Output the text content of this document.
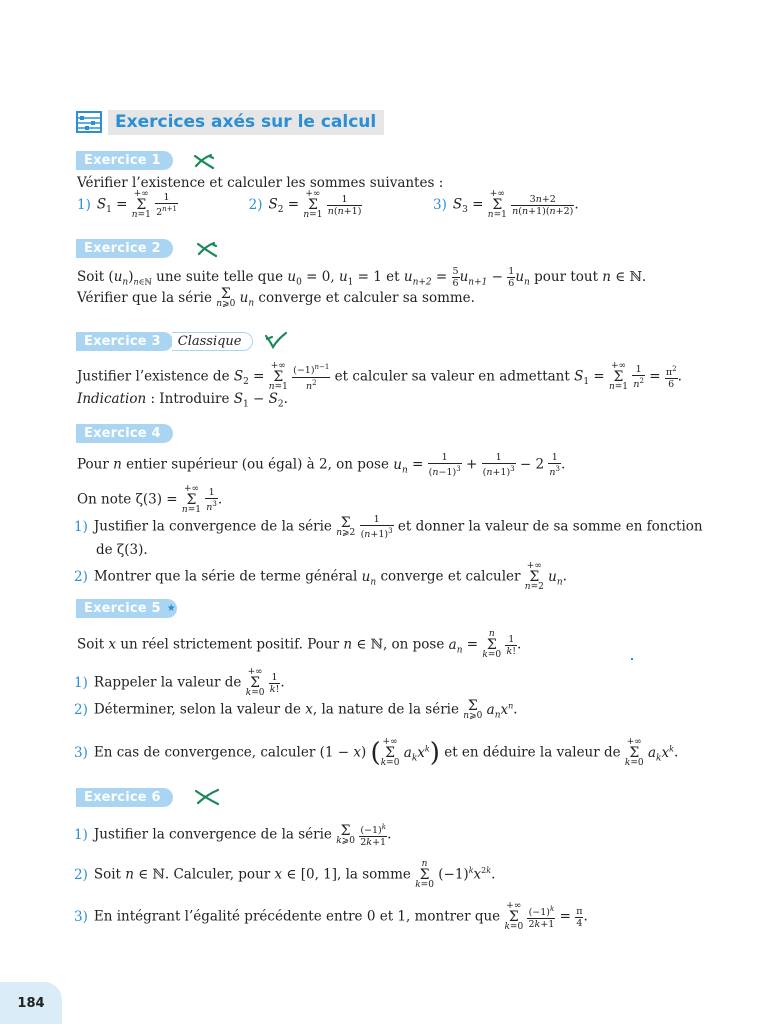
Exercices axés sur le calcul
Exercice 1
Vérifier l’existence et calculer les sommes suivantes :
1) $S_1$ = +∞
Σ
$n=1 \frac{1}{2^{n+1}}$	2) $S_2$ = +∞
Σ
$n=1 \frac{1}{n(n+1)}$	3) $S_3$ = +∞
Σ
$n=1 \frac{3n+2}{n(n+1)(n+2)}$ .
Exercice 2
Soit $(u_n)_{n\in ℕ}$ une suite telle que $u_0 = 0$, $u_1 = 1$ et $u_{n+2} = \frac{5}{6} u_{n+1} - \frac{1}{6} u_n$ pour tout n ∈ ℕ.
Vérifier que la série Σ
n⩾0 $u_n$ converge et calculer sa somme.
Exercice 3	Classique
Justifier l’existence de $S_2$ = +∞
Σ
$n=1 \frac{(-1)^{n-1}}{n^2}$ et calculer sa valeur en admettant $S_1$ = +∞
Σ
$n=1 \frac{1}{n^2} = \frac{\pi^2}{6}$ .
Indication : Introduire $S_1 - S_2$.
Exercice 4
Pour n entier supérieur (ou égal) à 2, on pose $u_n = \frac{1}{(n-1)^3} + \frac{1}{(n+1)^3} - 2 \frac{1}{n^3}$ .
On note ζ(3) = +∞
Σ
$n=1 \frac{1}{n^3}$ .
1) Justifier la convergence de la série Σ
n⩾2 $\frac{1}{(n+1)^3}$ et donner la valeur de sa somme en fonction
de ζ(3).
2) Montrer que la série de terme général $u_n$ converge et calculer +∞
Σ
n=2 $u_n$.
Exercice 5 ★
Soit x un réel strictement positif. Pour n ∈ ℕ, on pose $a_n = n$
Σ
$k=0 \frac{1}{k!}$ .
1) Rappeler la valeur de +∞
Σ
$k=0 \frac{1}{k!}$ .
2) Déterminer, selon la valeur de x, la nature de la série Σ
n⩾0 $a_nx^n$.
3) En cas de convergence, calculer (1 − x) ( +∞
Σ
k=0 $a_kx^k$) et en déduire la valeur de +∞
Σ
k=0 $a_kx^k$.
Exercice 6
1) Justifier la convergence de la série Σ
k⩾0 $\frac{(-1)^k}{2k+1}$ .
2) Soit n ∈ ℕ. Calculer, pour x ∈ [0, 1], la somme n
Σ
k=0 $(-1)^kx^{2k}$.
3) En intégrant l’égalité précédente entre 0 et 1, montrer que +∞
Σ
$k=0 \frac{(-1)^k}{2k+1} = \frac{\pi}{4}$ .
184
